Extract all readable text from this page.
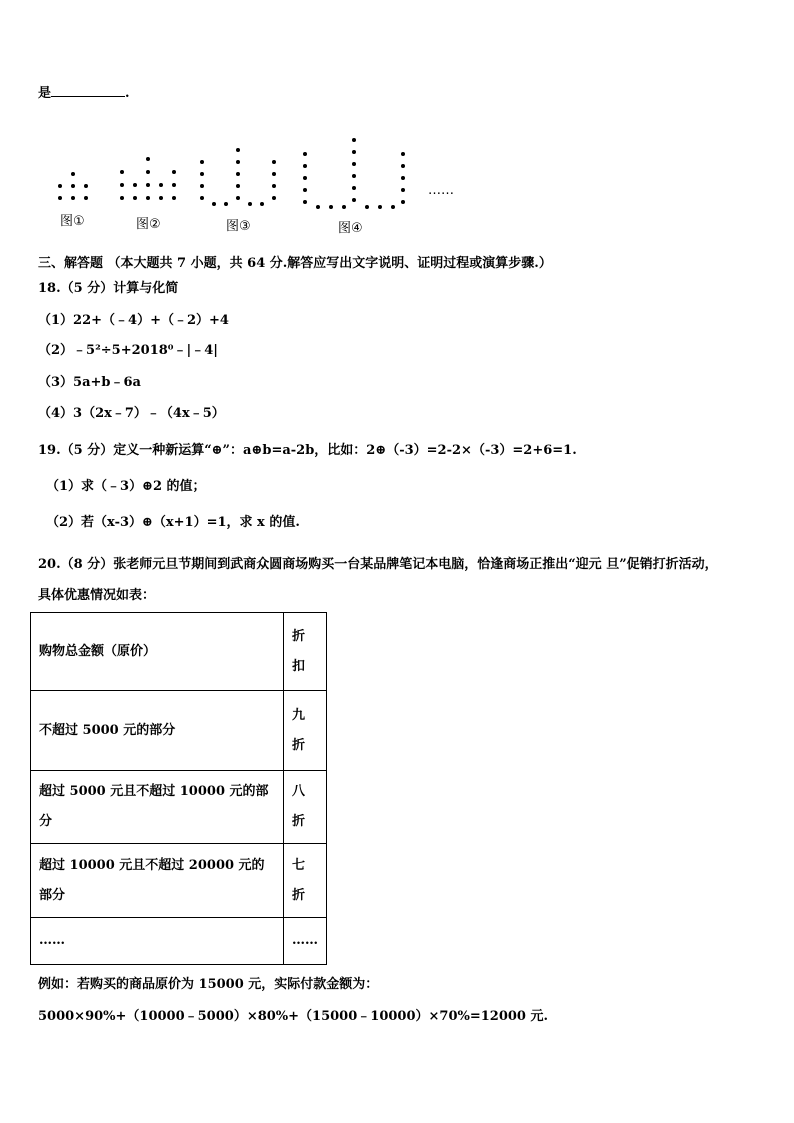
是	.
图①	图②	图③	图④
……
三、解答题 （本大题共 7 小题，共 64 分.解答应写出文字说明、证明过程或演算步骤.）
18.（5 分）计算与化简
（1）22+（﹣4）+（﹣2）+4
（2）﹣5²÷5+2018⁰﹣|﹣4|
（3）5a+b﹣6a
（4）3（2x﹣7）﹣（4x﹣5）
19.（5 分）定义一种新运算“⊕”：a⊕b=a-2b，比如：2⊕（-3）=2-2×（-3）=2+6=1.
（1）求（﹣3）⊕2 的值；
（2）若（x-3）⊕（x+1）=1，求 x 的值.
20.（8 分）张老师元旦节期间到武商众圆商场购买一台某品牌笔记本电脑，恰逢商场正推出“迎元 旦”促销打折活动，
具体优惠情况如表：
购物总金额（原价）	折扣

不超过 5000 元的部分	九折

超过 5000 元且不超过 10000 元的部分	八折

超过 10000 元且不超过 20000 元的部分	七折

……	……
例如：若购买的商品原价为 15000 元，实际付款金额为：
5000×90%+（10000﹣5000）×80%+（15000﹣10000）×70%=12000 元.
